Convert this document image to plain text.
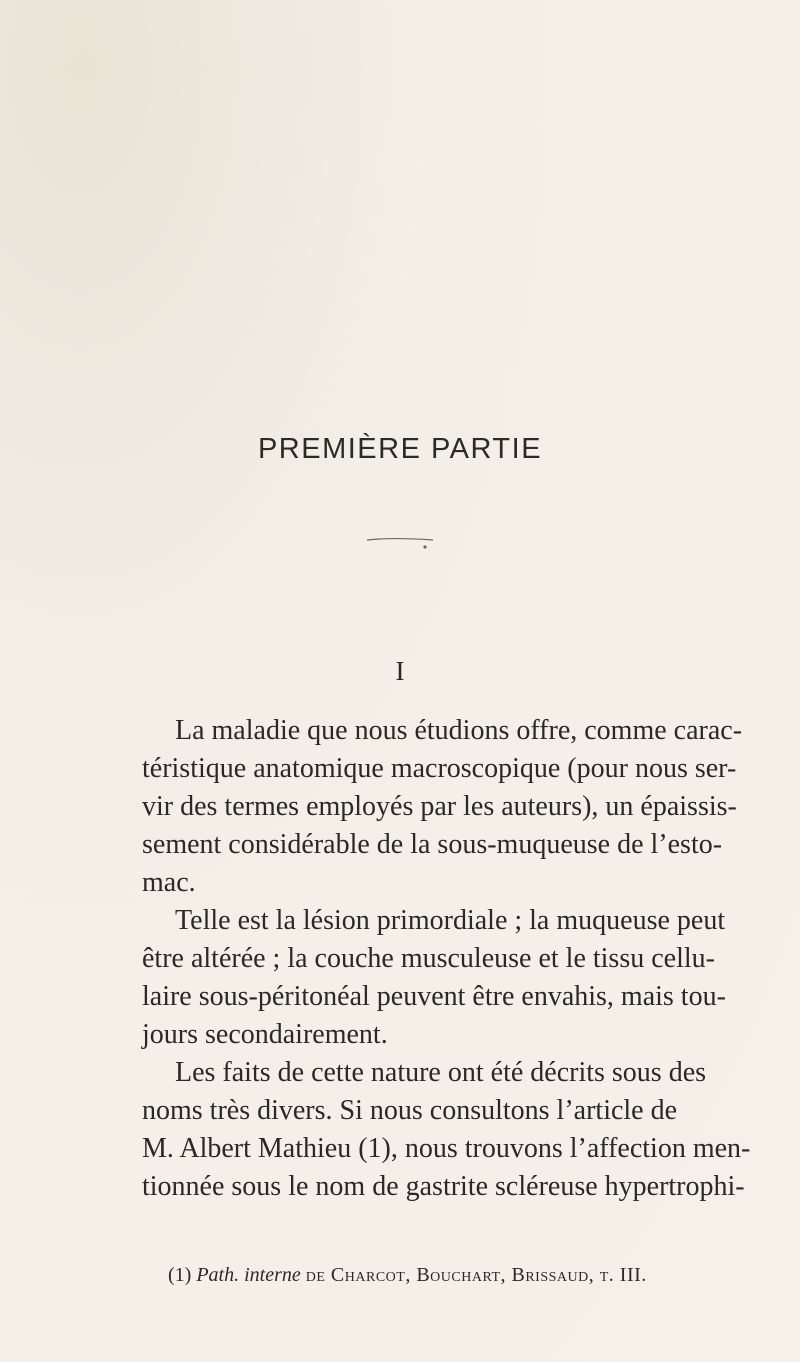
PREMIÈRE PARTIE
I
La maladie que nous étudions offre, comme carac-
téristique anatomique macroscopique (pour nous ser-
vir des termes employés par les auteurs), un épaissis-
sement considérable de la sous-muqueuse de l’esto-
mac.
Telle est la lésion primordiale ; la muqueuse peut
être altérée ; la couche musculeuse et le tissu cellu-
laire sous-péritonéal peuvent être envahis, mais tou-
jours secondairement.
Les faits de cette nature ont été décrits sous des
noms très divers. Si nous consultons l’article de
M. Albert Mathieu (1), nous trouvons l’affection men-
tionnée sous le nom de gastrite scléreuse hypertrophi-
(1) Path. interne de Charcot, Bouchart, Brissaud, t. III.
